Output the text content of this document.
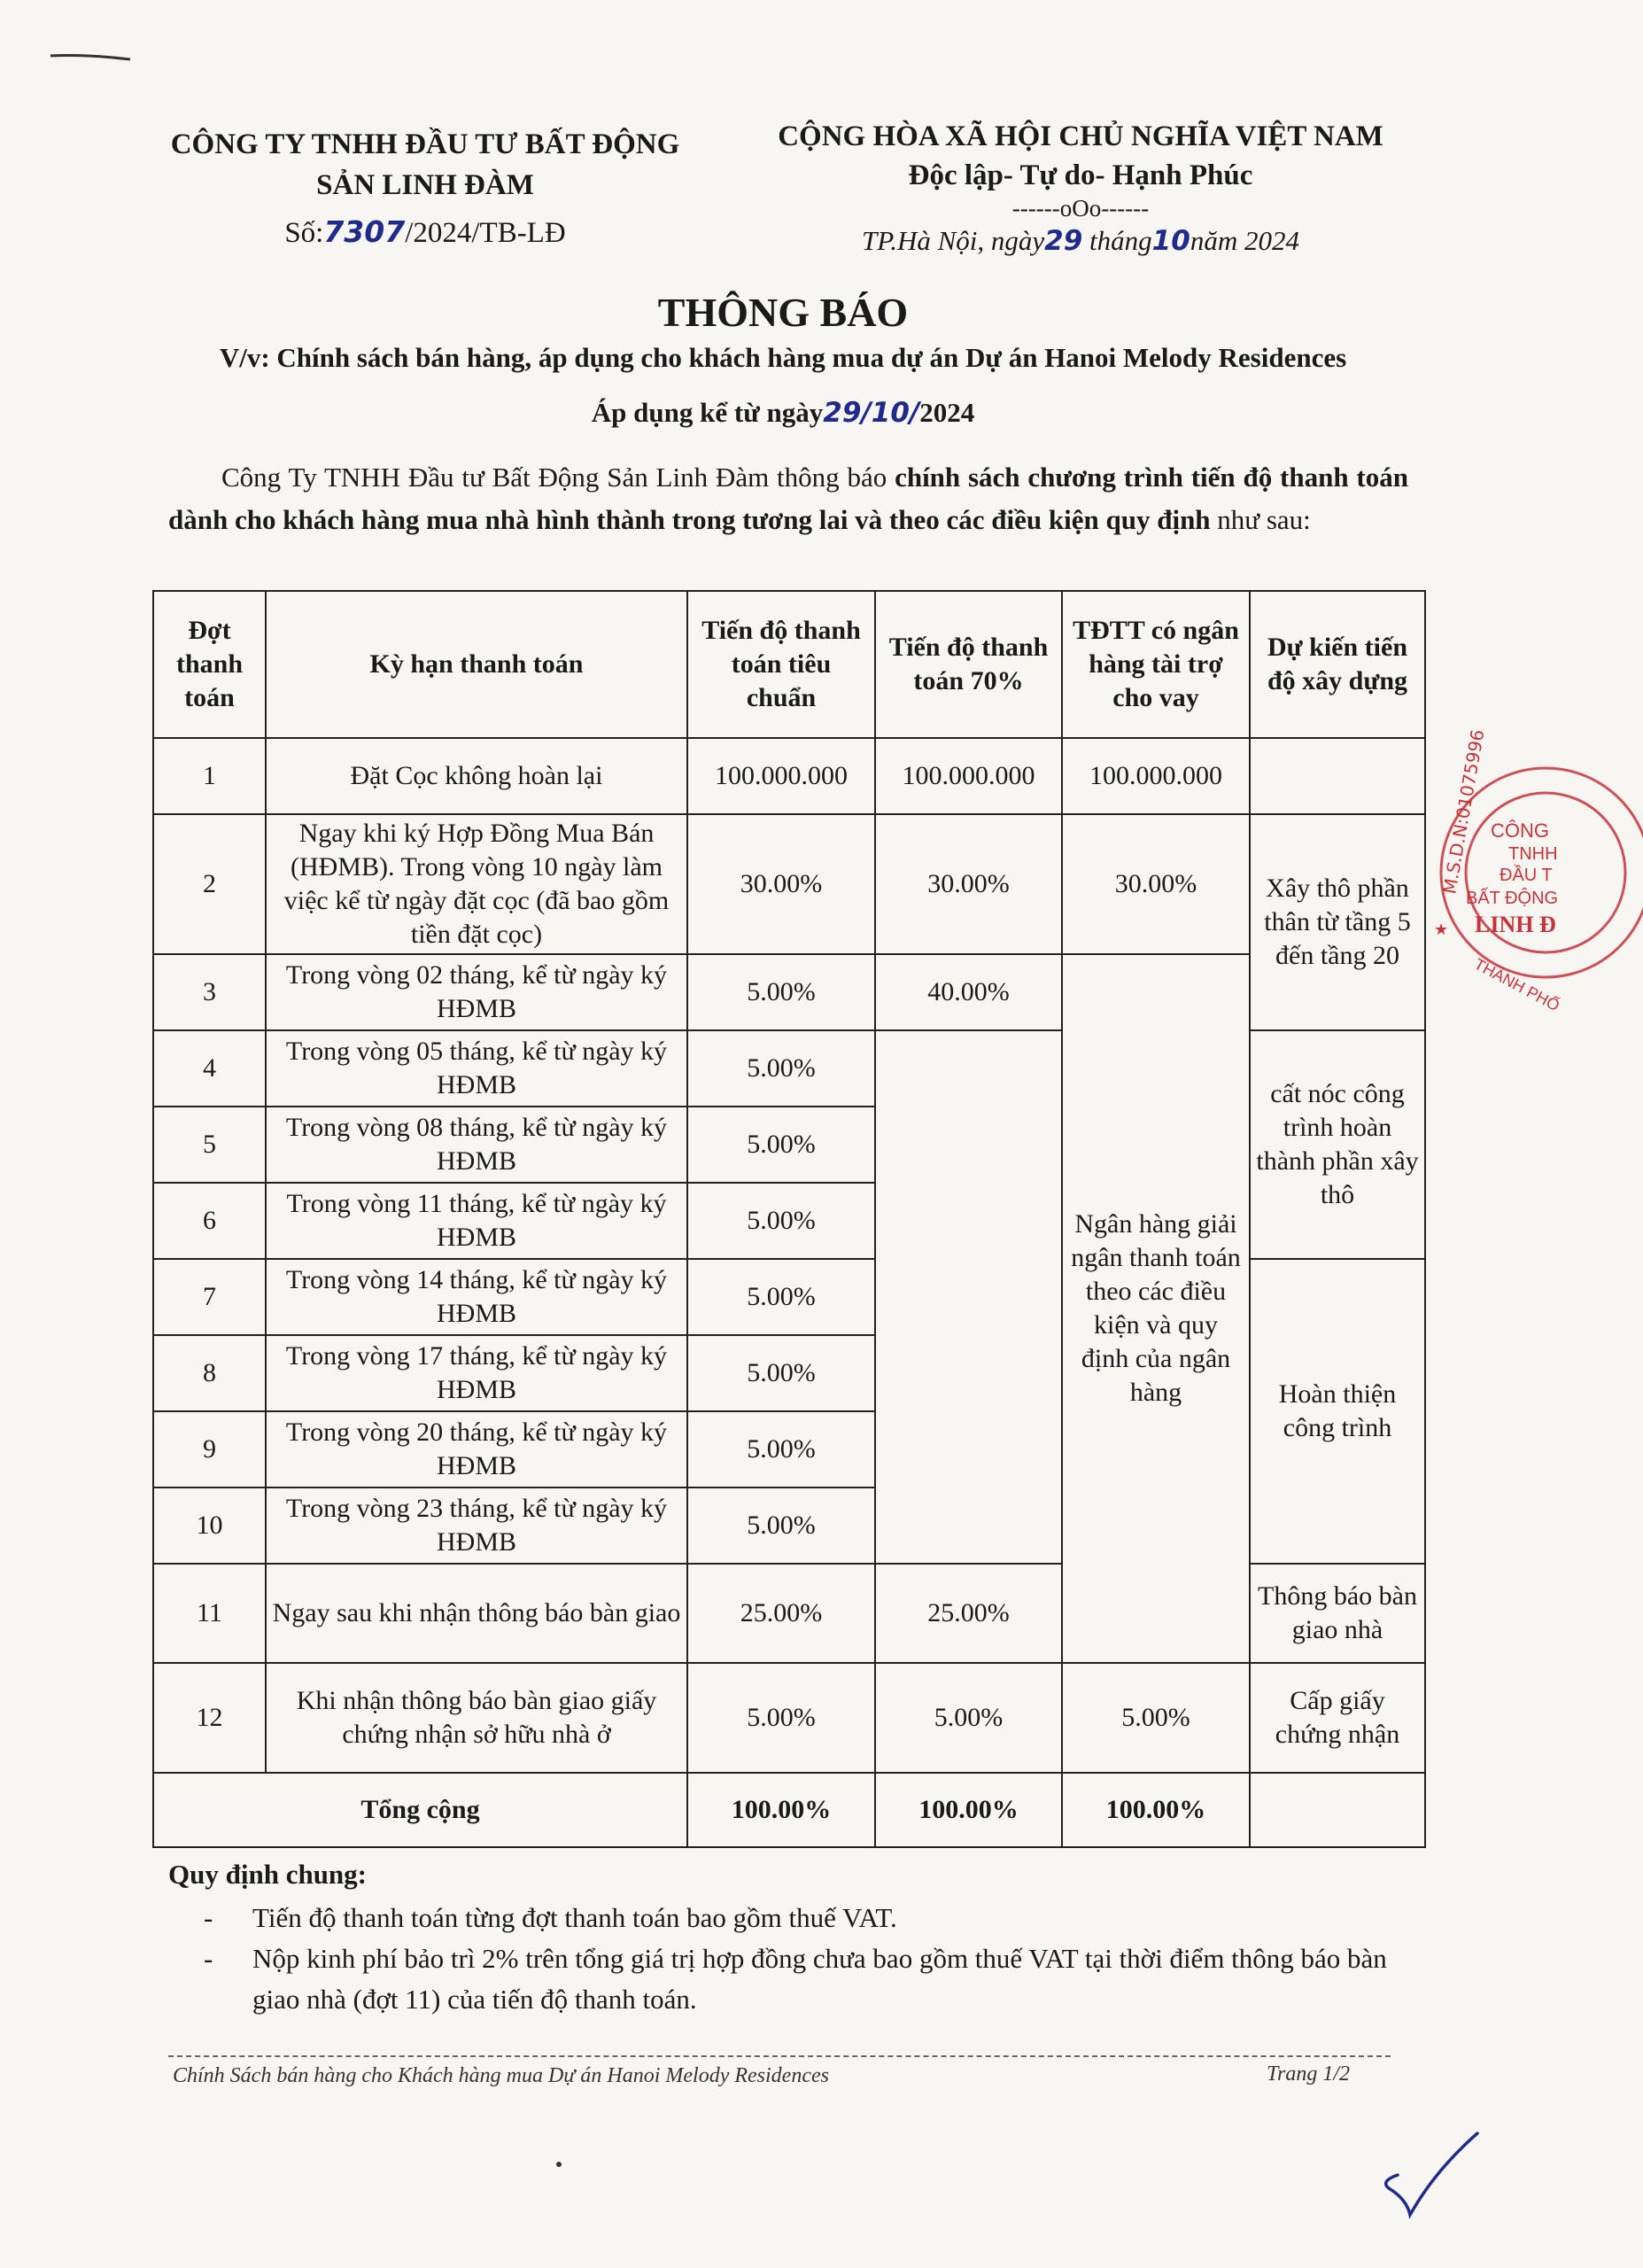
CÔNG TY TNHH ĐẦU TƯ BẤT ĐỘNG
SẢN LINH ĐÀM
Số:7307/2024/TB-LĐ
CỘNG HÒA XÃ HỘI CHỦ NGHĨA VIỆT NAM
Độc lập- Tự do- Hạnh Phúc
------oOo------
TP.Hà Nội, ngày29 tháng10năm 2024
THÔNG BÁO
V/v: Chính sách bán hàng, áp dụng cho khách hàng mua dự án Dự án Hanoi Melody Residences
Áp dụng kể từ ngày29/10/2024
Công Ty TNHH Đầu tư Bất Động Sản Linh Đàm thông báo chính sách chương trình tiến độ thanh toán dành cho khách hàng mua nhà hình thành trong tương lai và theo các điều kiện quy định như sau:
Đợt thanh toán	Kỳ hạn thanh toán	Tiến độ thanh toán tiêu chuẩn	Tiến độ thanh toán 70%	TĐTT có ngân hàng tài trợ cho vay	Dự kiến tiến độ xây dựng
1	Đặt Cọc không hoàn lại	100.000.000	100.000.000	100.000.000	
2	Ngay khi ký Hợp Đồng Mua Bán (HĐMB). Trong vòng 10 ngày làm việc kể từ ngày đặt cọc (đã bao gồm tiền đặt cọc)	30.00%	30.00%	30.00%	Xây thô phần thân từ tầng 5 đến tầng 20
3	Trong vòng 02 tháng, kể từ ngày ký HĐMB	5.00%	40.00%	Ngân hàng giải ngân thanh toán theo các điều kiện và quy định của ngân hàng	
4	Trong vòng 05 tháng, kể từ ngày ký HĐMB	5.00%			cất nóc công trình hoàn thành phần xây thô
5	Trong vòng 08 tháng, kể từ ngày ký HĐMB	5.00%			
6	Trong vòng 11 tháng, kể từ ngày ký HĐMB	5.00%			
7	Trong vòng 14 tháng, kể từ ngày ký HĐMB	5.00%			Hoàn thiện công trình
8	Trong vòng 17 tháng, kể từ ngày ký HĐMB	5.00%			
9	Trong vòng 20 tháng, kể từ ngày ký HĐMB	5.00%			
10	Trong vòng 23 tháng, kể từ ngày ký HĐMB	5.00%			
11	Ngay sau khi nhận thông báo bàn giao	25.00%	25.00%		Thông báo bàn giao nhà
12	Khi nhận thông báo bàn giao giấy chứng nhận sở hữu nhà ở	5.00%	5.00%	5.00%	Cấp giấy chứng nhận
Tổng cộng		100.00%	100.00%	100.00%	
M.S.D.N:01075996 CÔNG
TNHH
ĐẦU T
BẤT ĐỘNG
LINH Đ
THÀNH PHỐ
★
Quy định chung:
- Tiến độ thanh toán từng đợt thanh toán bao gồm thuế VAT.
- Nộp kinh phí bảo trì 2% trên tổng giá trị hợp đồng chưa bao gồm thuế VAT tại thời điểm thông báo bàn giao nhà (đợt 11) của tiến độ thanh toán.
Chính Sách bán hàng cho Khách hàng mua Dự án Hanoi Melody Residences	Trang 1/2
